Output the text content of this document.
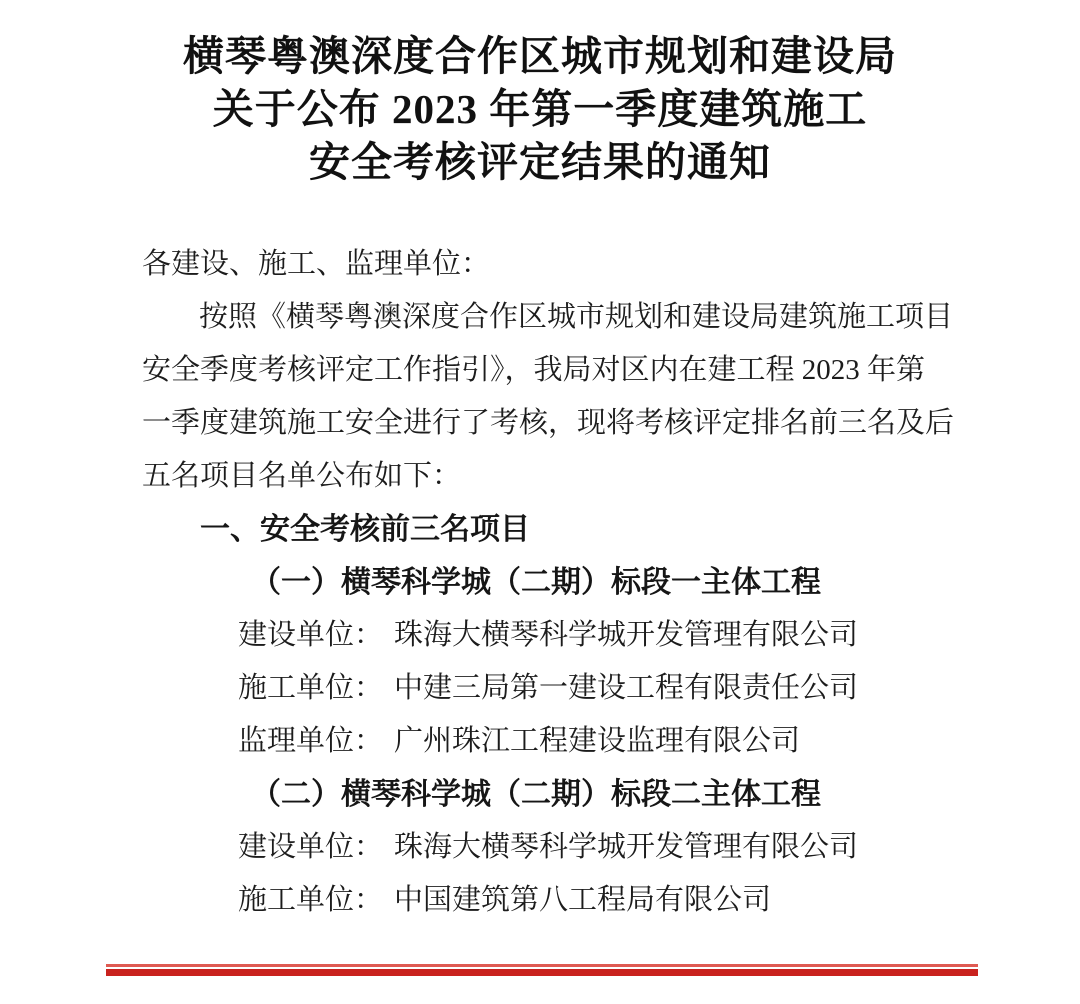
横琴粤澳深度合作区城市规划和建设局
关于公布 2023 年第一季度建筑施工
安全考核评定结果的通知
各建设、施工、监理单位：
按照《横琴粤澳深度合作区城市规划和建设局建筑施工项目
安全季度考核评定工作指引》，我局对区内在建工程 2023 年第
一季度建筑施工安全进行了考核，现将考核评定排名前三名及后
五名项目名单公布如下：
一、安全考核前三名项目
（一）横琴科学城（二期）标段一主体工程
建设单位： 珠海大横琴科学城开发管理有限公司
施工单位： 中建三局第一建设工程有限责任公司
监理单位： 广州珠江工程建设监理有限公司
（二）横琴科学城（二期）标段二主体工程
建设单位： 珠海大横琴科学城开发管理有限公司
施工单位： 中国建筑第八工程局有限公司
